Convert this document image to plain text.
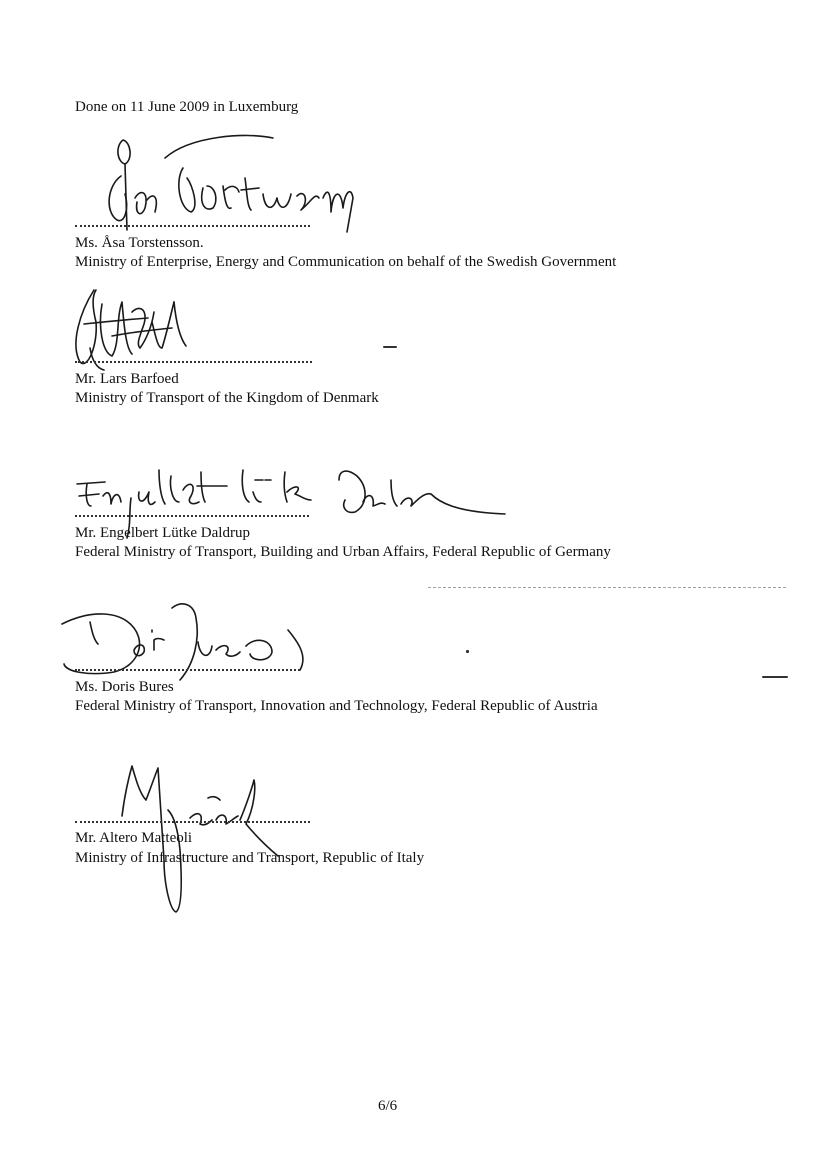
Done on 11 June 2009 in Luxemburg
Ms. Åsa Torstensson.
Ministry of Enterprise, Energy and Communication on behalf of the Swedish Government
Mr. Lars Barfoed
Ministry of Transport of the Kingdom of Denmark
Mr. Engelbert Lütke Daldrup
Federal Ministry of Transport, Building and Urban Affairs, Federal Republic of Germany
Ms. Doris Bures
Federal Ministry of Transport, Innovation and Technology, Federal Republic of Austria
Mr. Altero Matteoli
Ministry of Infrastructure and Transport, Republic of Italy
6/6
